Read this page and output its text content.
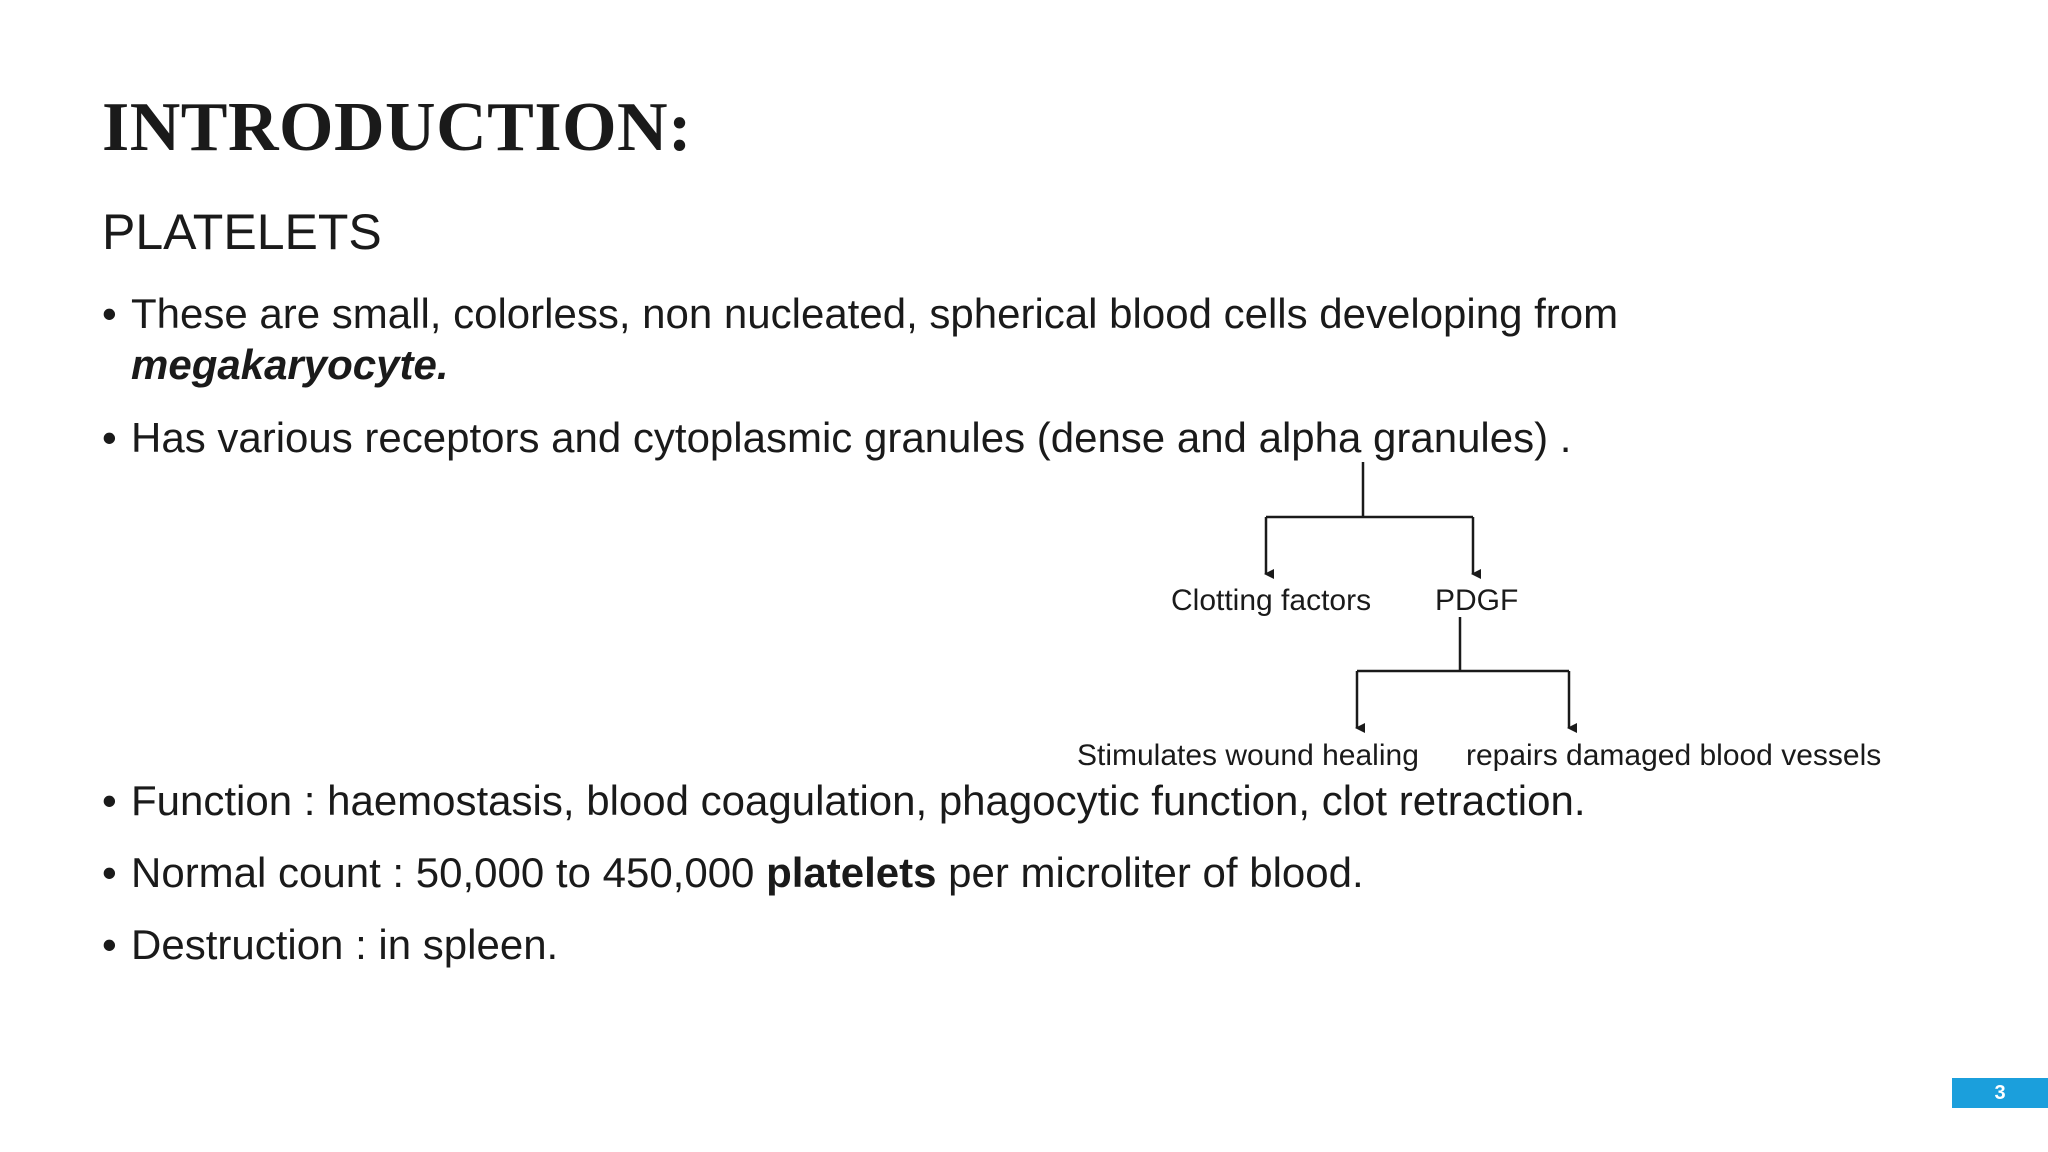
INTRODUCTION:
PLATELETS
• These are small, colorless, non nucleated, spherical blood cells developing from
megakaryocyte.
• Has various receptors and cytoplasmic granules (dense and alpha granules) .
Clotting factors PDGF
Stimulates wound healing repairs damaged blood vessels
• Function : haemostasis, blood coagulation, phagocytic function, clot retraction.
• Normal count : 50,000 to 450,000 platelets per microliter of blood.
• Destruction : in spleen.
3
